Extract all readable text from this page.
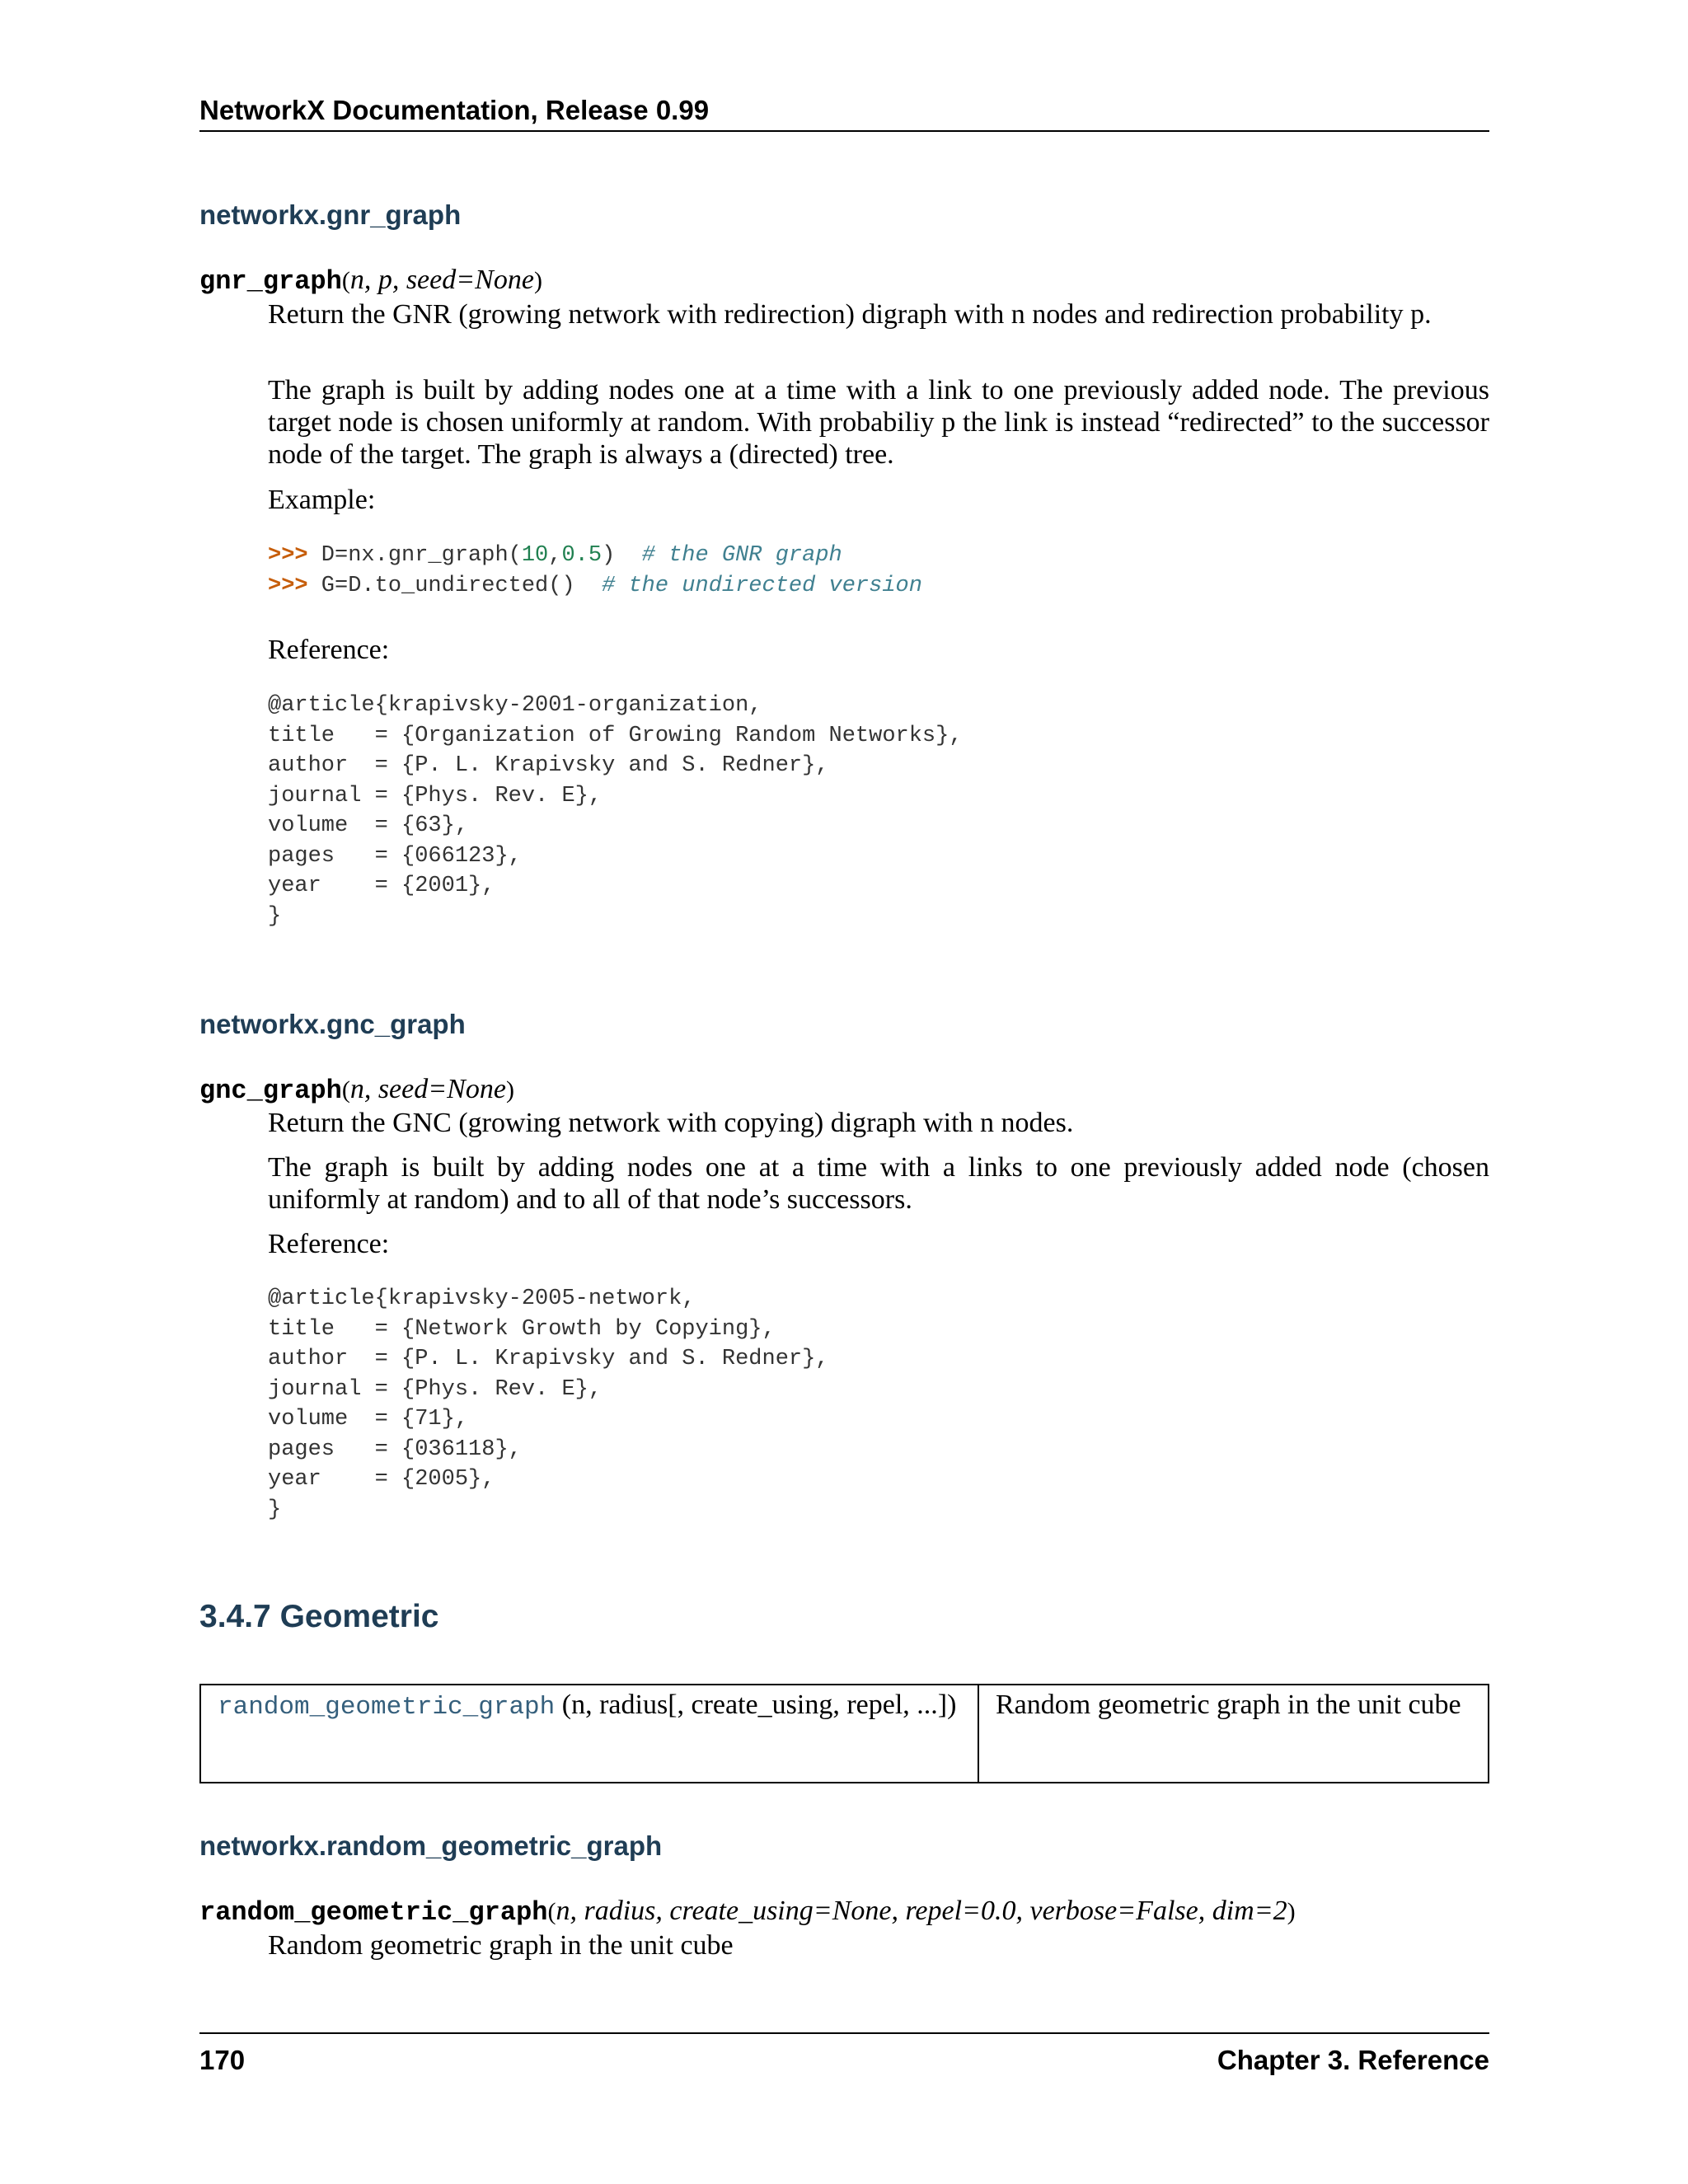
NetworkX Documentation, Release 0.99
networkx.gnr_graph
gnr_graph(n, p, seed=None)
Return the GNR (growing network with redirection) digraph with n nodes and redirection probability p.
The graph is built by adding nodes one at a time with a link to one previously added node. The previous target node is chosen uniformly at random. With probabiliy p the link is instead “redirected” to the successor node of the target. The graph is always a (directed) tree.
Example:
>>> D=nx.gnr_graph(10,0.5)  # the GNR graph
>>> G=D.to_undirected()  # the undirected version
Reference:
@article{krapivsky-2001-organization,
title   = {Organization of Growing Random Networks},
author  = {P. L. Krapivsky and S. Redner},
journal = {Phys. Rev. E},
volume  = {63},
pages   = {066123},
year    = {2001},
}
networkx.gnc_graph
gnc_graph(n, seed=None)
Return the GNC (growing network with copying) digraph with n nodes.
The graph is built by adding nodes one at a time with a links to one previously added node (chosen uniformly at random) and to all of that node’s successors.
Reference:
@article{krapivsky-2005-network,
title   = {Network Growth by Copying},
author  = {P. L. Krapivsky and S. Redner},
journal = {Phys. Rev. E},
volume  = {71},
pages   = {036118},
year    = {2005},
}
3.4.7 Geometric
random_geometric_graph (n, radius[, create_using, repel, ...])	Random geometric graph in the unit cube
networkx.random_geometric_graph
random_geometric_graph(n, radius, create_using=None, repel=0.0, verbose=False, dim=2)
Random geometric graph in the unit cube
170	Chapter 3. Reference
